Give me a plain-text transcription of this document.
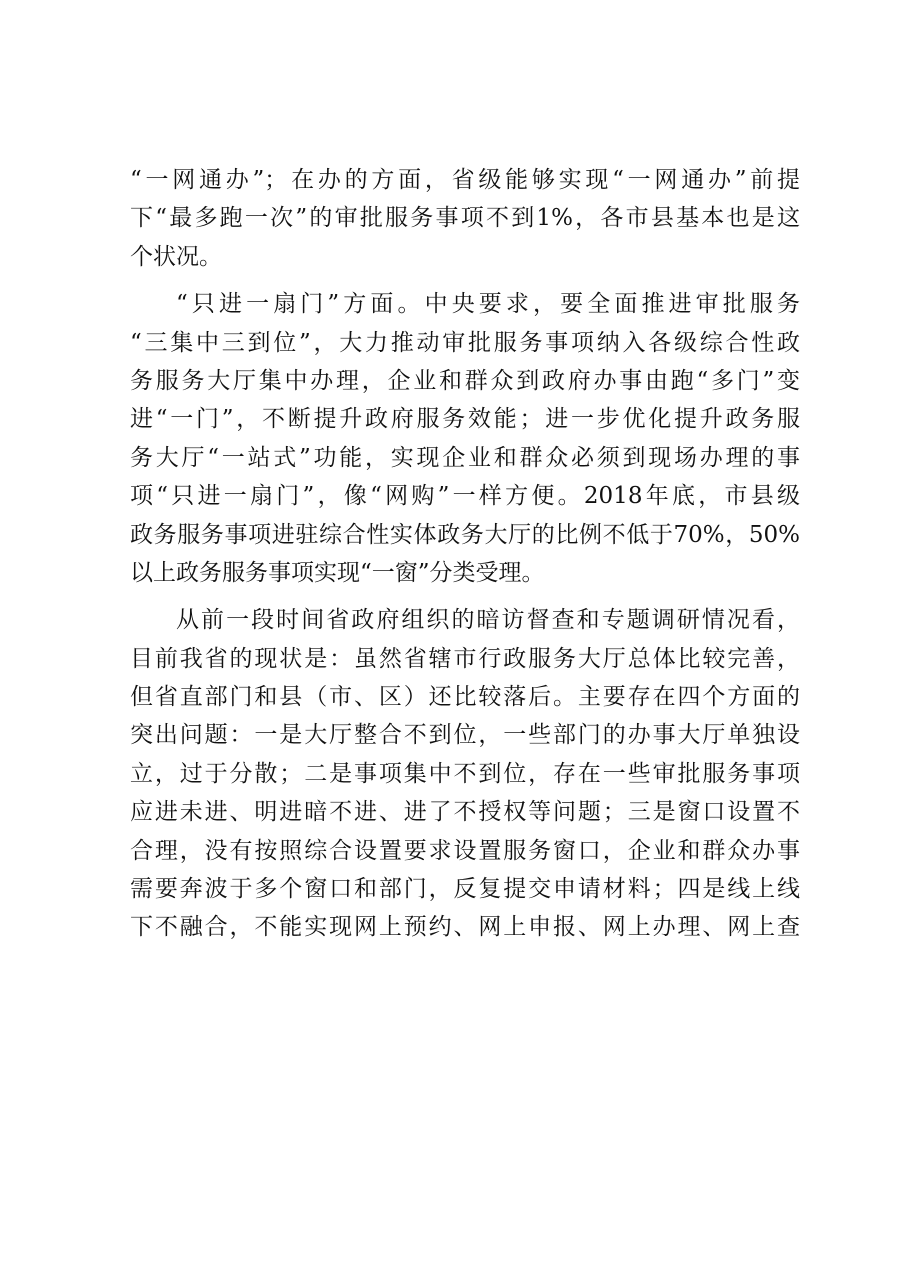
“一网通办”；在办的方面，省级能够实现“一网通办”前提
下“最多跑一次”的审批服务事项不到1%，各市县基本也是这
个状况。
“只进一扇门”方面。中央要求，要全面推进审批服务
“三集中三到位”，大力推动审批服务事项纳入各级综合性政
务服务大厅集中办理，企业和群众到政府办事由跑“多门”变
进“一门”，不断提升政府服务效能；进一步优化提升政务服
务大厅“一站式”功能，实现企业和群众必须到现场办理的事
项“只进一扇门”，像“网购”一样方便。2018年底，市县级
政务服务事项进驻综合性实体政务大厅的比例不低于70%，50%
以上政务服务事项实现“一窗”分类受理。
从前一段时间省政府组织的暗访督查和专题调研情况看，
目前我省的现状是：虽然省辖市行政服务大厅总体比较完善，
但省直部门和县（市、区）还比较落后。主要存在四个方面的
突出问题：一是大厅整合不到位，一些部门的办事大厅单独设
立，过于分散；二是事项集中不到位，存在一些审批服务事项
应进未进、明进暗不进、进了不授权等问题；三是窗口设置不
合理，没有按照综合设置要求设置服务窗口，企业和群众办事
需要奔波于多个窗口和部门，反复提交申请材料；四是线上线
下不融合，不能实现网上预约、网上申报、网上办理、网上查
